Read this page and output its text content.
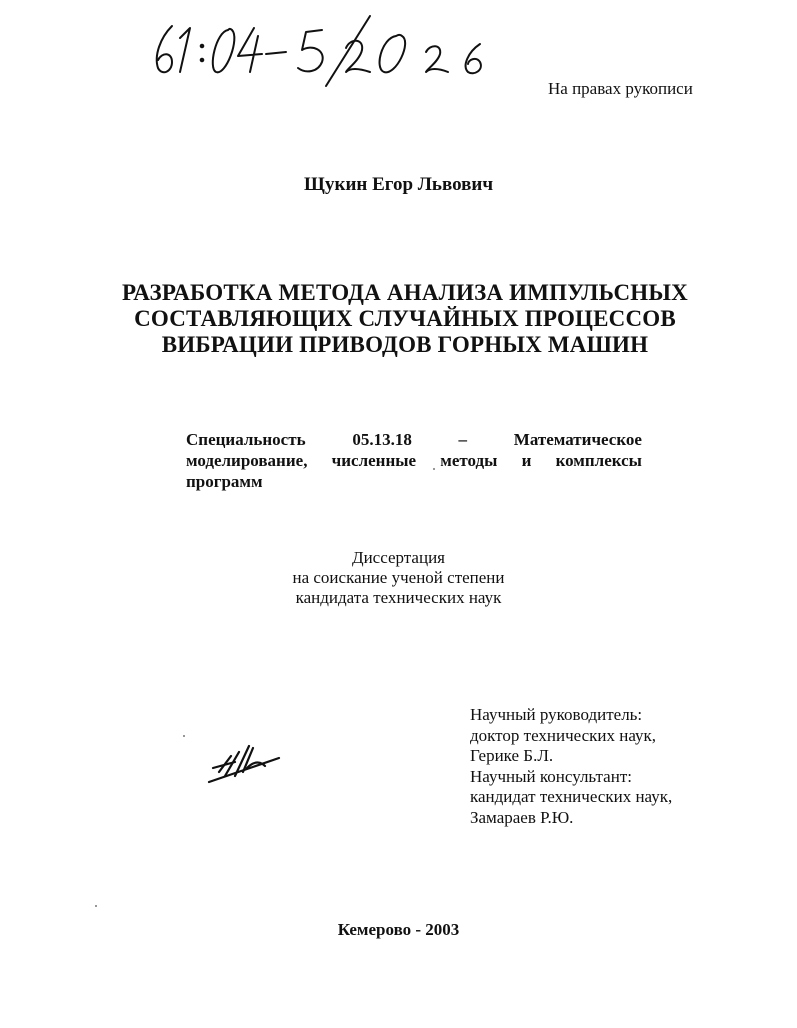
На правах рукописи
Щукин Егор Львович
РАЗРАБОТКА МЕТОДА АНАЛИЗА ИМПУЛЬСНЫХ
СОСТАВЛЯЮЩИХ СЛУЧАЙНЫХ ПРОЦЕССОВ
ВИБРАЦИИ ПРИВОДОВ ГОРНЫХ МАШИН
Специальность	05.13.18	–	Математическое
моделирование, численные методы и комплексы
программ
Диссертация
на соискание ученой степени
кандидата технических наук
Научный руководитель:
доктор технических наук,
Герике Б.Л.
Научный консультант:
кандидат технических наук,
Замараев Р.Ю.
Кемерово - 2003
